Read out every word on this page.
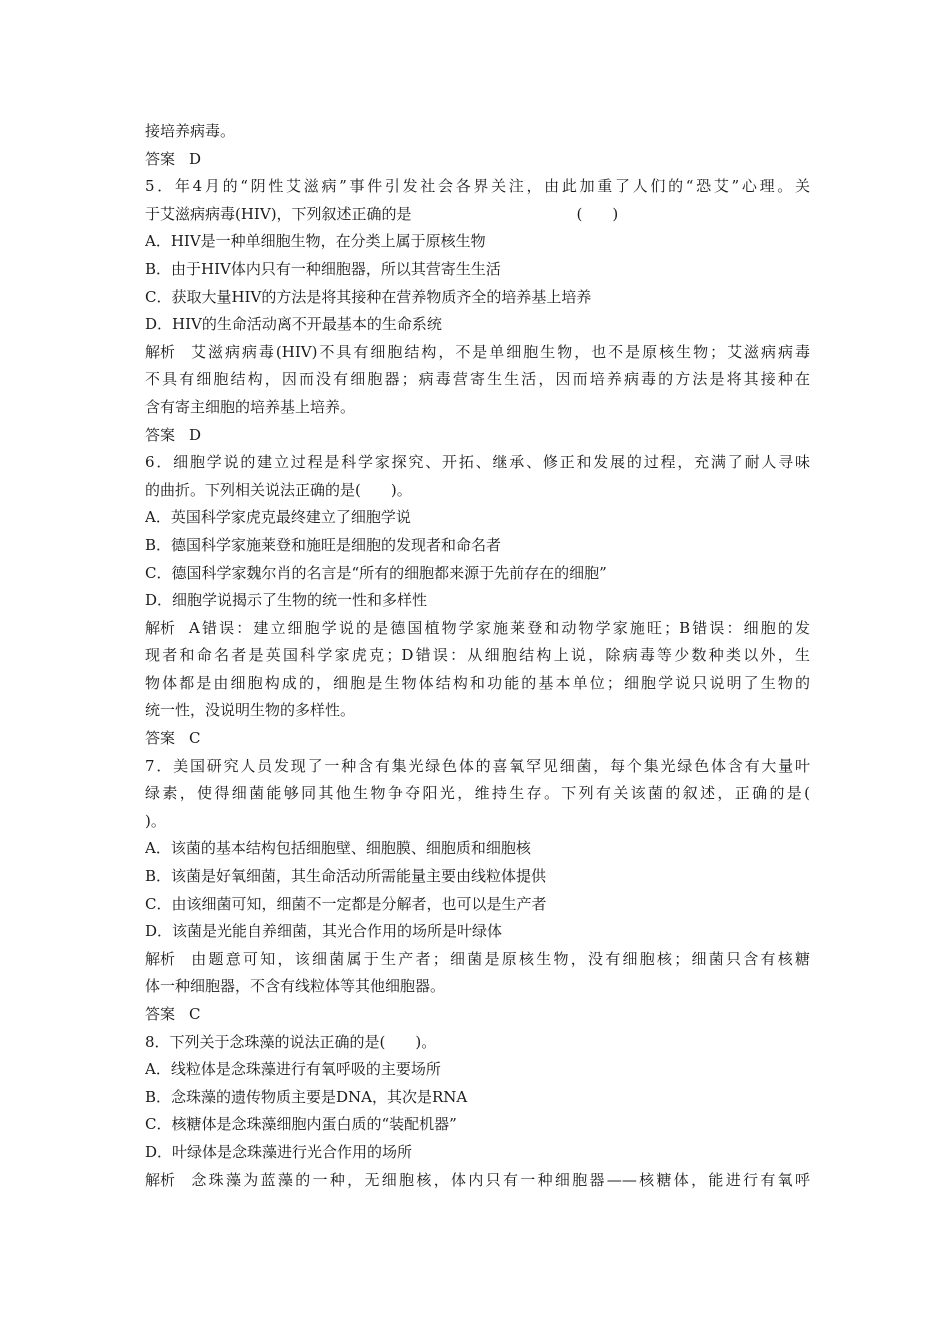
接培养病毒。
答案 D
5．年4月的“阴性艾滋病”事件引发社会各界关注，由此加重了人们的“恐艾”心理。关
于艾滋病病毒(HIV)，下列叙述正确的是　　　　　　　　　　　(　　)
A．HIV是一种单细胞生物，在分类上属于原核生物
B．由于HIV体内只有一种细胞器，所以其营寄生生活
C．获取大量HIV的方法是将其接种在营养物质齐全的培养基上培养
D．HIV的生命活动离不开最基本的生命系统
解析 艾滋病病毒(HIV)不具有细胞结构，不是单细胞生物，也不是原核生物；艾滋病病毒
不具有细胞结构，因而没有细胞器；病毒营寄生生活，因而培养病毒的方法是将其接种在
含有寄主细胞的培养基上培养。
答案 D
6．细胞学说的建立过程是科学家探究、开拓、继承、修正和发展的过程，充满了耐人寻味
的曲折。下列相关说法正确的是(　　)。
A．英国科学家虎克最终建立了细胞学说
B．德国科学家施莱登和施旺是细胞的发现者和命名者
C．德国科学家魏尔肖的名言是“所有的细胞都来源于先前存在的细胞”
D．细胞学说揭示了生物的统一性和多样性
解析 A错误：建立细胞学说的是德国植物学家施莱登和动物学家施旺；B错误：细胞的发
现者和命名者是英国科学家虎克；D错误：从细胞结构上说，除病毒等少数种类以外，生
物体都是由细胞构成的，细胞是生物体结构和功能的基本单位；细胞学说只说明了生物的
统一性，没说明生物的多样性。
答案 C
7．美国研究人员发现了一种含有集光绿色体的喜氧罕见细菌，每个集光绿色体含有大量叶
绿素，使得细菌能够同其他生物争夺阳光，维持生存。下列有关该菌的叙述，正确的是(
)。
A．该菌的基本结构包括细胞壁、细胞膜、细胞质和细胞核
B．该菌是好氧细菌，其生命活动所需能量主要由线粒体提供
C．由该细菌可知，细菌不一定都是分解者，也可以是生产者
D．该菌是光能自养细菌，其光合作用的场所是叶绿体
解析 由题意可知，该细菌属于生产者；细菌是原核生物，没有细胞核；细菌只含有核糖
体一种细胞器，不含有线粒体等其他细胞器。
答案 C
8．下列关于念珠藻的说法正确的是(　　)。
A．线粒体是念珠藻进行有氧呼吸的主要场所
B．念珠藻的遗传物质主要是DNA，其次是RNA
C．核糖体是念珠藻细胞内蛋白质的“装配机器”
D．叶绿体是念珠藻进行光合作用的场所
解析 念珠藻为蓝藻的一种，无细胞核，体内只有一种细胞器——核糖体，能进行有氧呼
